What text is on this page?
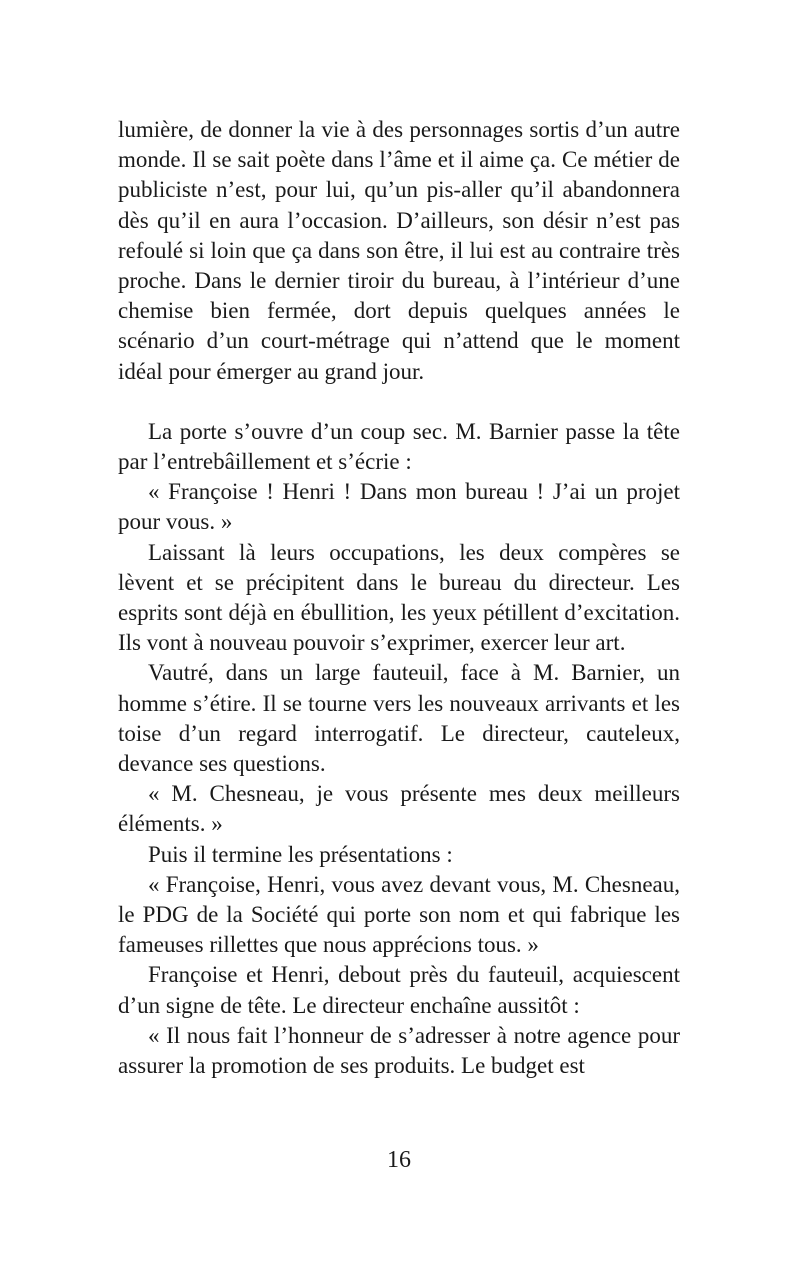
lumière, de donner la vie à des personnages sortis d’un autre monde. Il se sait poète dans l’âme et il aime ça. Ce métier de publiciste n’est, pour lui, qu’un pis-aller qu’il abandonnera dès qu’il en aura l’occasion. D’ailleurs, son désir n’est pas refoulé si loin que ça dans son être, il lui est au contraire très proche. Dans le dernier tiroir du bureau, à l’intérieur d’une chemise bien fermée, dort depuis quelques années le scénario d’un court-métrage qui n’attend que le moment idéal pour émerger au grand jour.

La porte s’ouvre d’un coup sec. M. Barnier passe la tête par l’entrebâillement et s’écrie :

« Françoise ! Henri ! Dans mon bureau ! J’ai un projet pour vous. »

Laissant là leurs occupations, les deux compères se lèvent et se précipitent dans le bureau du directeur. Les esprits sont déjà en ébullition, les yeux pétillent d’excitation. Ils vont à nouveau pouvoir s’exprimer, exercer leur art.

Vautré, dans un large fauteuil, face à M. Barnier, un homme s’étire. Il se tourne vers les nouveaux arrivants et les toise d’un regard interrogatif. Le directeur, cauteleux, devance ses questions.

« M. Chesneau, je vous présente mes deux meilleurs éléments. »

Puis il termine les présentations :

« Françoise, Henri, vous avez devant vous, M. Chesneau, le PDG de la Société qui porte son nom et qui fabrique les fameuses rillettes que nous apprécions tous. »

Françoise et Henri, debout près du fauteuil, acquiescent d’un signe de tête. Le directeur enchaîne aussitôt :

« Il nous fait l’honneur de s’adresser à notre agence pour assurer la promotion de ses produits. Le budget est

16
